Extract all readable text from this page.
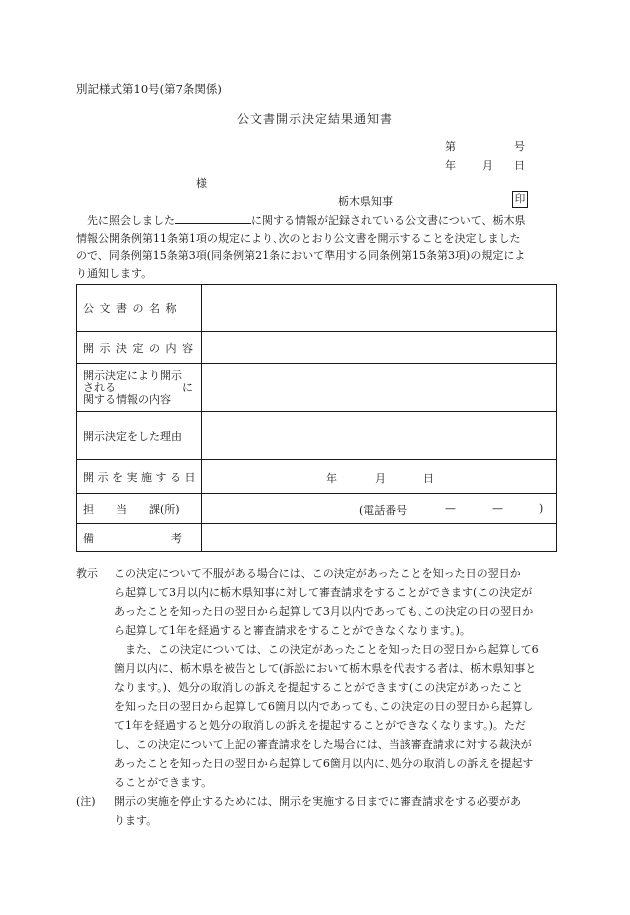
別記様式第10号(第7条関係)
公文書開示決定結果通知書
第	号
年 月 日
様
栃木県知事	印
先に照会しました	に関する情報が記録されている公文書について、栃木県
情報公開条例第11条第1項の規定により､次のとおり公文書を開示することを決定しました
ので、同条例第15条第3項(同条例第21条において準用する同条例第15条第3項)の規定によ
り通知します。
公 文 書 の 名 称	
開 示 決 定 の 内 容	

開示決定により開示
される に
関する情報の内容	

開示決定をした理由	
開 示 を 実 施 す る 日	年 月 日

担　　当　　課(所)	(電話番号 — — )

備　　　　　　　考	
教示	この決定について不服がある場合には、この決定があったことを知った日の翌日か
ら起算して3月以内に栃木県知事に対して審査請求をすることができます(この決定が
あったことを知った日の翌日から起算して3月以内であっても､この決定の日の翌日か
ら起算して1年を経過すると審査請求をすることができなくなります。)。
また、この決定については、この決定があったことを知った日の翌日から起算して6
箇月以内に、栃木県を被告として(訴訟において栃木県を代表する者は、栃木県知事と
なります。)、処分の取消しの訴えを提起することができます(この決定があったこと
を知った日の翌日から起算して6箇月以内であっても､この決定の日の翌日から起算し
て1年を経過すると処分の取消しの訴えを提起することができなくなります。)。ただ
し、この決定について上記の審査請求をした場合には、当該審査請求に対する裁決が
あったことを知った日の翌日から起算して6箇月以内に､処分の取消しの訴えを提起す
ることができます。
(注)	開示の実施を停止するためには、開示を実施する日までに審査請求をする必要があ
ります。
